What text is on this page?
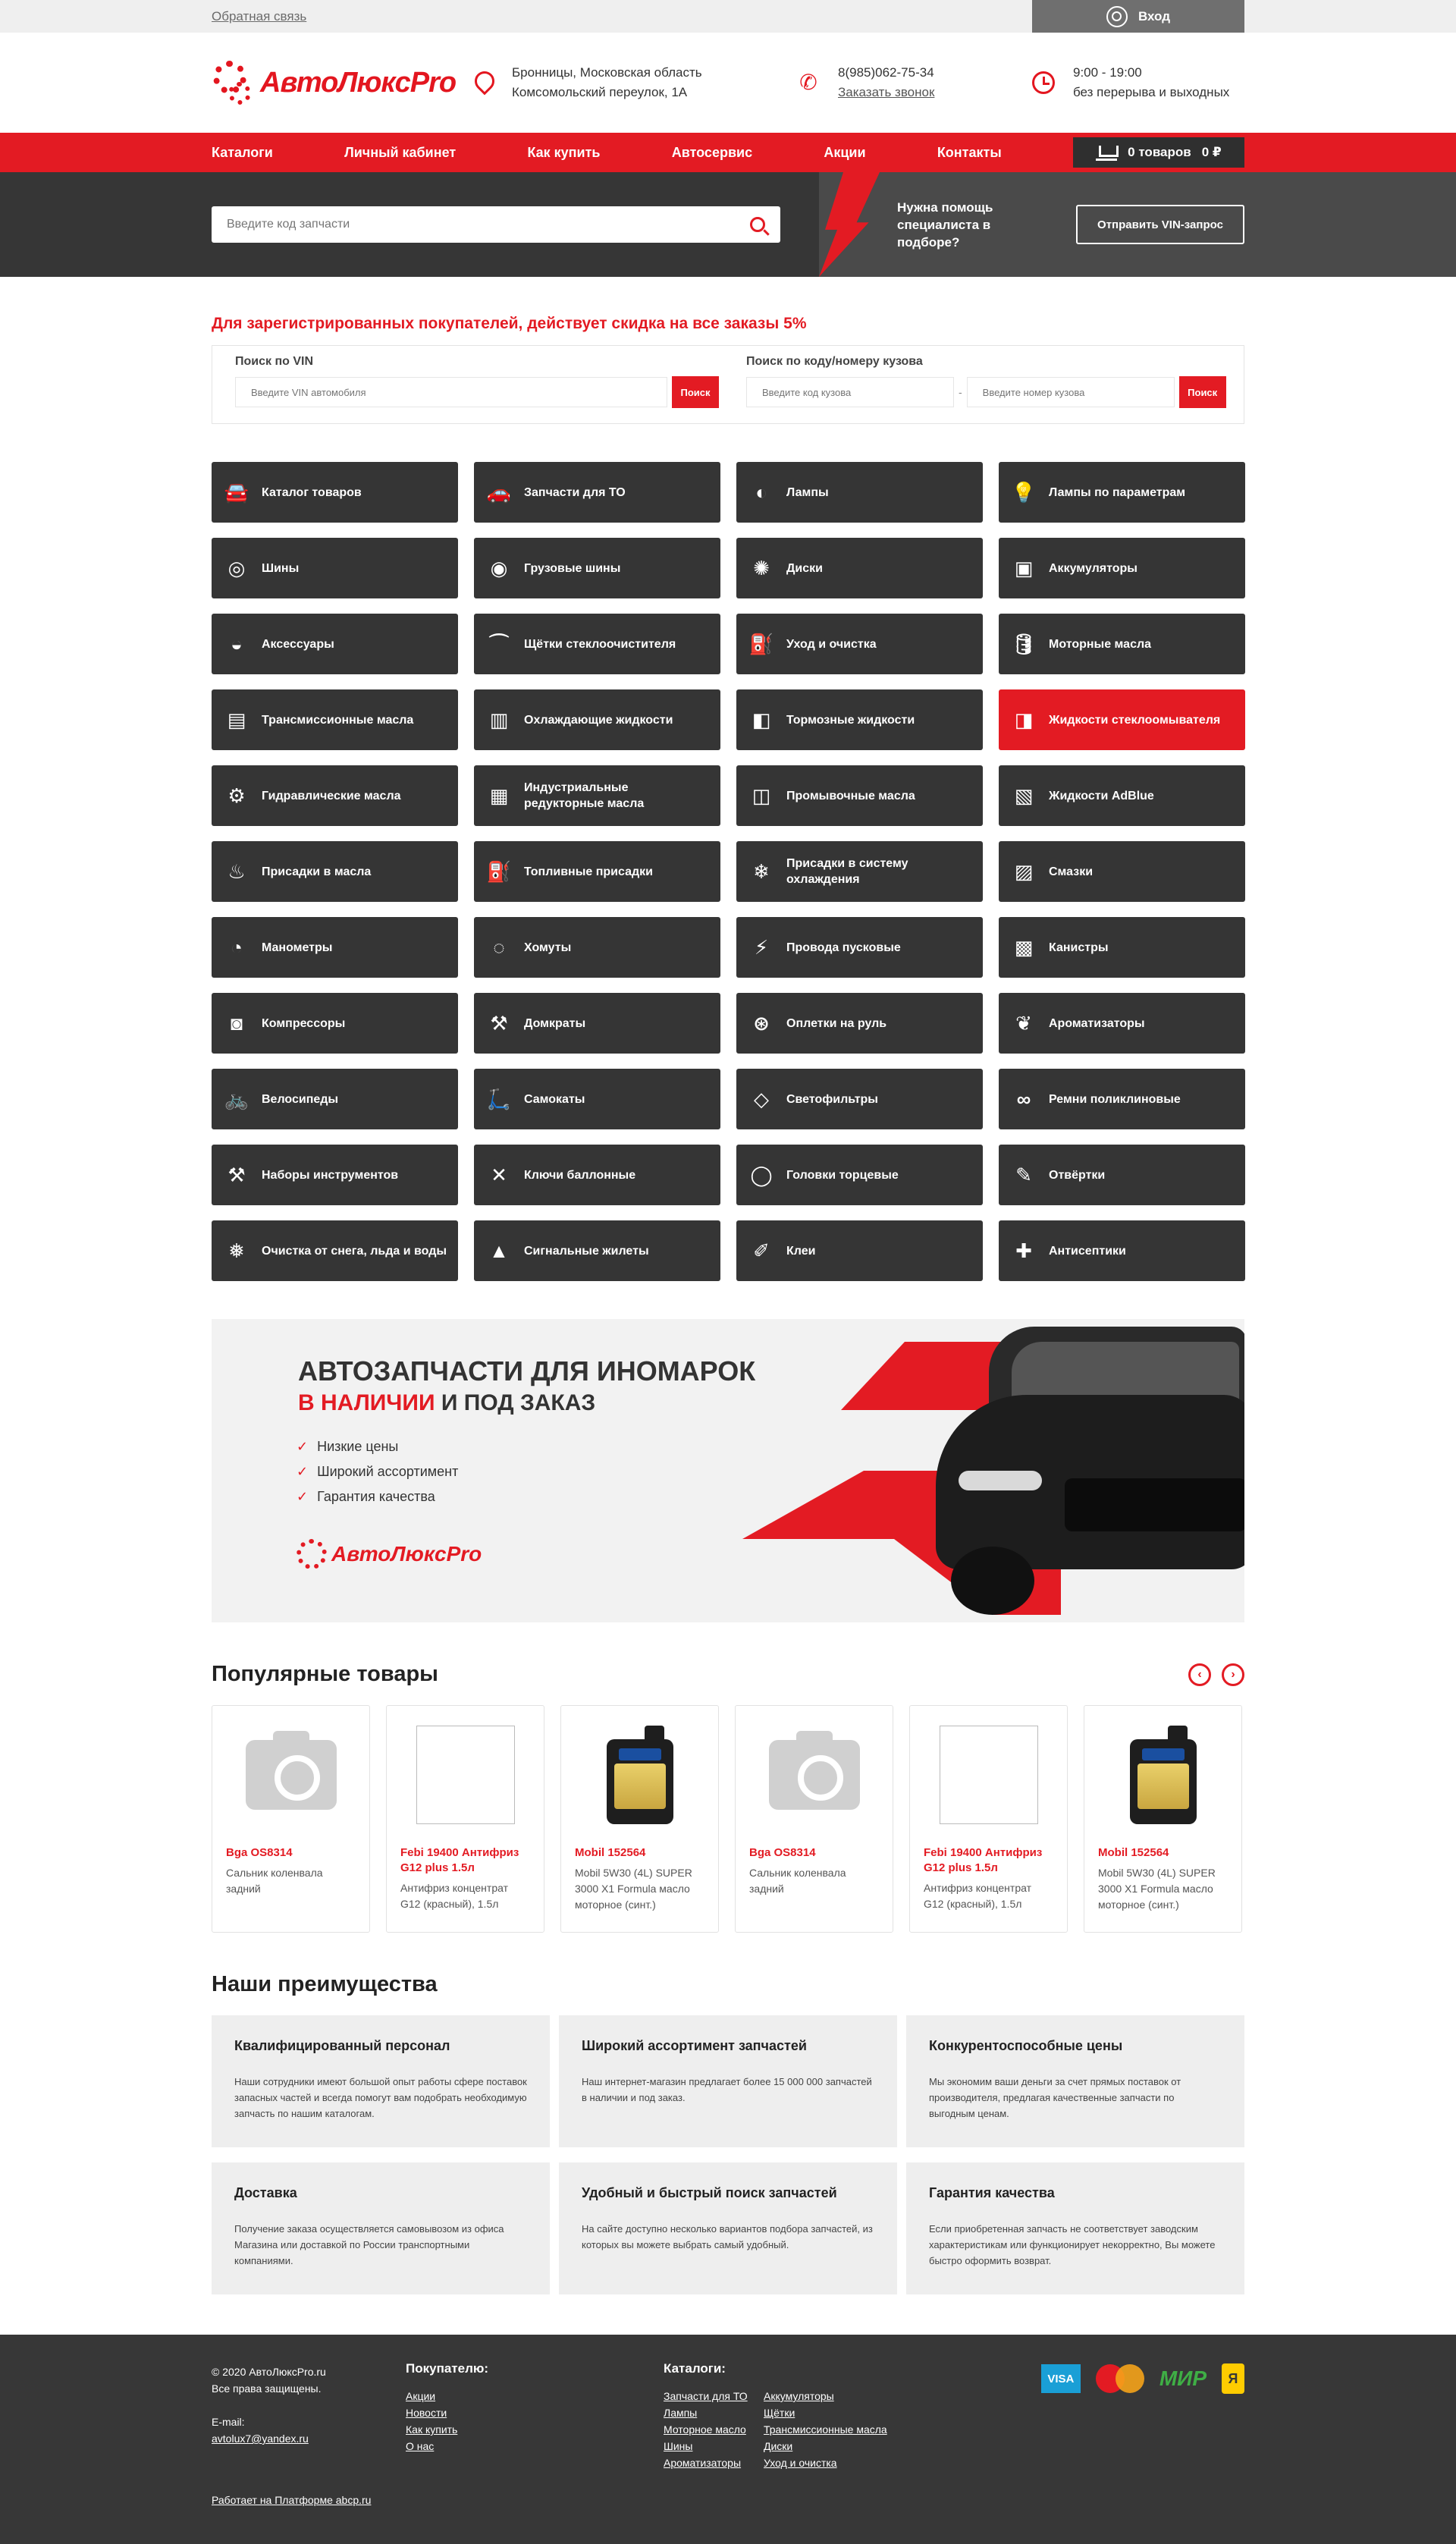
Обратная связь	Вход
АвтоЛюксPro	Бронницы, Московская область
Комсомольский переулок, 1А	✆	8(985)062-75-34
Заказать звонок
9:00 - 19:00
без перерыва и выходных
Каталоги	Личный кабинет	Как купить	Автосервис	Акции	Контакты	0 товаров 0 ₽
Введите код запчасти
Нужна помощь специалиста в подборе?
Отправить VIN-запрос
Для зарегистрированных покупателей, действует скидка на все заказы 5%
Поиск по VIN
Введите VIN автомобиля
Поиск
Поиск по коду/номеру кузова
Введите код кузова
-
Введите номер кузова	Поиск
🚘	Каталог товаров	🚗	Запчасти для ТО	◐	Лампы	💡	Лампы по параметрам
◎	Шины	◉	Грузовые шины	✺	Диски	▣	Аккумуляторы
◒	Аксессуары	⌒	Щётки стеклоочистителя	⛽	Уход и очистка	🛢 Моторные масла
▤	Трансмиссионные масла	▥	Охлаждающие жидкости	◧	Тормозные жидкости	◨	Жидкости стеклоомывателя
⚙	Гидравлические масла	▦	Индустриальные редукторные масла	◫	Промывочные масла	▧	Жидкости AdBlue
♨	Присадки в масла	⛽	Топливные присадки	❄	Присадки в систему охлаждения	▨	Смазки
◔	Манометры	◌	Хомуты	⚡	Провода пусковые	▩	Канистры
◙	Компрессоры	⚒	Домкраты	⊛	Оплетки на руль	❦	Ароматизаторы
🚲	Велосипеды	🛴	Самокаты	◇	Светофильтры	∞	Ремни поликлиновые
⚒	Наборы инструментов	✕	Ключи баллонные	◯	Головки торцевые	✎	Отвёртки
❅	Очистка от снега, льда и воды	▲	Сигнальные жилеты	✐	Клеи	✚	Антисептики
АВТОЗАПЧАСТИ ДЛЯ ИНОМАРОК
В НАЛИЧИИ И ПОД ЗАКАЗ
✓ Низкие цены
✓ Широкий ассортимент
✓ Гарантия качества
АвтоЛюксPro
Популярные товары	‹	›
Bga OS8314
Сальник коленвала задний
Febi 19400 Антифриз G12 plus 1.5л
Антифриз концентрат G12 (красный), 1.5л
Mobil 152564
Mobil 5W30 (4L) SUPER 3000 X1 Formula масло моторное (синт.)
Bga OS8314
Сальник коленвала задний
Febi 19400 Антифриз G12 plus 1.5л
Антифриз концентрат G12 (красный), 1.5л
Mobil 152564
Mobil 5W30 (4L) SUPER 3000 X1 Formula масло моторное (синт.)
Наши преимущества
Квалифицированный персонал

Наши сотрудники имеют большой опыт работы сфере поставок запасных частей и всегда помогут вам подобрать необходимую запчасть по нашим каталогам.

Широкий ассортимент запчастей

Наш интернет-магазин предлагает более 15 000 000 запчастей в наличии и под заказ.

Конкурентоспособные цены

Мы экономим ваши деньги за счет прямых поставок от производителя, предлагая качественные запчасти по выгодным ценам.

Доставка

Получение заказа осуществляется самовывозом из офиса Магазина или доставкой по России транспортными компаниями.

Удобный и быстрый поиск запчастей

На сайте доступно несколько вариантов подбора запчастей, из которых вы можете выбрать самый удобный.

Гарантия качества

Если приобретенная запчасть не соответствует заводским характеристикам или функционирует некорректно, Вы можете быстро оформить возврат.

© 2020 АвтоЛюксPro.ru
Все права защищены.
E-mail:
avtolux7@yandex.ru
Покупателю:
Акции
Новости
Как купить
О нас
Каталоги:
Запчасти для ТО	Аккумуляторы
Лампы	Щётки
Моторное масло	Трансмиссионные масла
Шины	Диски
Ароматизаторы	Уход и очистка
VISA	МИР	Я
Работает на Платформе abcp.ru
